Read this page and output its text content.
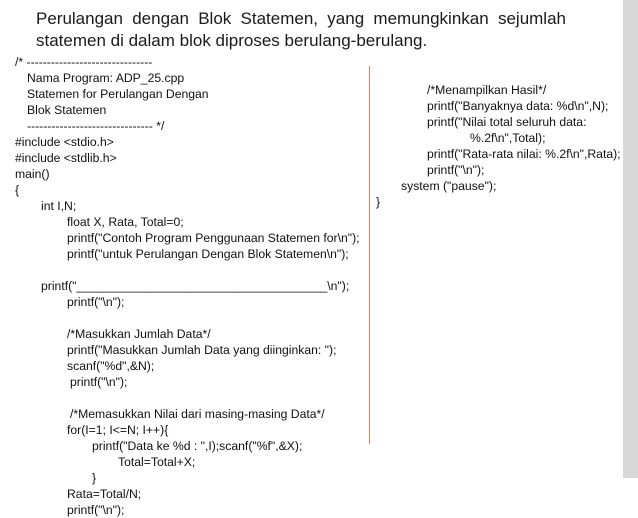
Perulangan dengan Blok Statemen, yang memungkinkan sejumlah statemen di dalam blok diproses berulang-berulang.
/* -------------------------------
Nama Program: ADP_25.cpp
Statemen for Perulangan Dengan
Blok Statemen
------------------------------- */
#include <stdio.h>
#include <stdlib.h>
main()
{
int I,N;
float X, Rata, Total=0;
printf("Contoh Program Penggunaan Statemen for\n");
printf("untuk Perulangan Dengan Blok Statemen\n");
printf("_____________________________________\n");
printf("\n");
/*Masukkan Jumlah Data*/
printf("Masukkan Jumlah Data yang diinginkan: ");
scanf("%d",&N);
printf("\n");
/*Memasukkan Nilai dari masing-masing Data*/
for(I=1; I<=N; I++){
printf("Data ke %d : ",I);scanf("%f",&X);
Total=Total+X;
}
Rata=Total/N;
printf("\n");
/*Menampilkan Hasil*/
printf("Banyaknya data: %d\n",N);
printf("Nilai total seluruh data:
%.2f\n",Total);
printf("Rata-rata nilai: %.2f\n",Rata);
printf("\n");
system ("pause");
}
